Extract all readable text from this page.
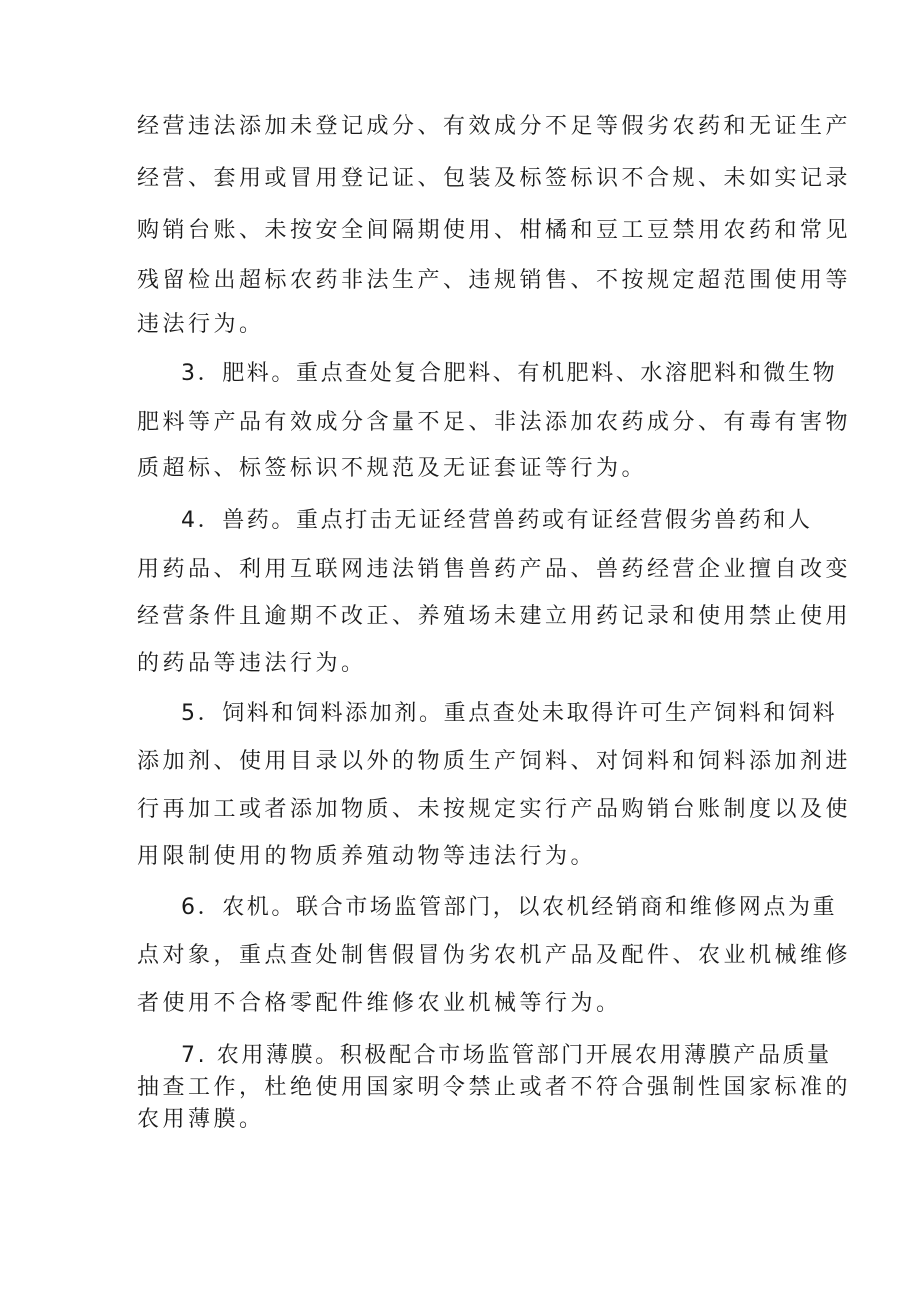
经营违法添加未登记成分、有效成分不足等假劣农药和无证生产
经营、套用或冒用登记证、包装及标签标识不合规、未如实记录
购销台账、未按安全间隔期使用、柑橘和豆工豆禁用农药和常见
残留检出超标农药非法生产、违规销售、不按规定超范围使用等
违法行为。
3．肥料。重点查处复合肥料、有机肥料、水溶肥料和微生物
肥料等产品有效成分含量不足、非法添加农药成分、有毒有害物
质超标、标签标识不规范及无证套证等行为。
4．兽药。重点打击无证经营兽药或有证经营假劣兽药和人
用药品、利用互联网违法销售兽药产品、兽药经营企业擅自改变
经营条件且逾期不改正、养殖场未建立用药记录和使用禁止使用
的药品等违法行为。
5．饲料和饲料添加剂。重点查处未取得许可生产饲料和饲料
添加剂、使用目录以外的物质生产饲料、对饲料和饲料添加剂进
行再加工或者添加物质、未按规定实行产品购销台账制度以及使
用限制使用的物质养殖动物等违法行为。
6．农机。联合市场监管部门，以农机经销商和维修网点为重
点对象，重点查处制售假冒伪劣农机产品及配件、农业机械维修
者使用不合格零配件维修农业机械等行为。
7. 农用薄膜。积极配合市场监管部门开展农用薄膜产品质量
抽查工作，杜绝使用国家明令禁止或者不符合强制性国家标准的
农用薄膜。
